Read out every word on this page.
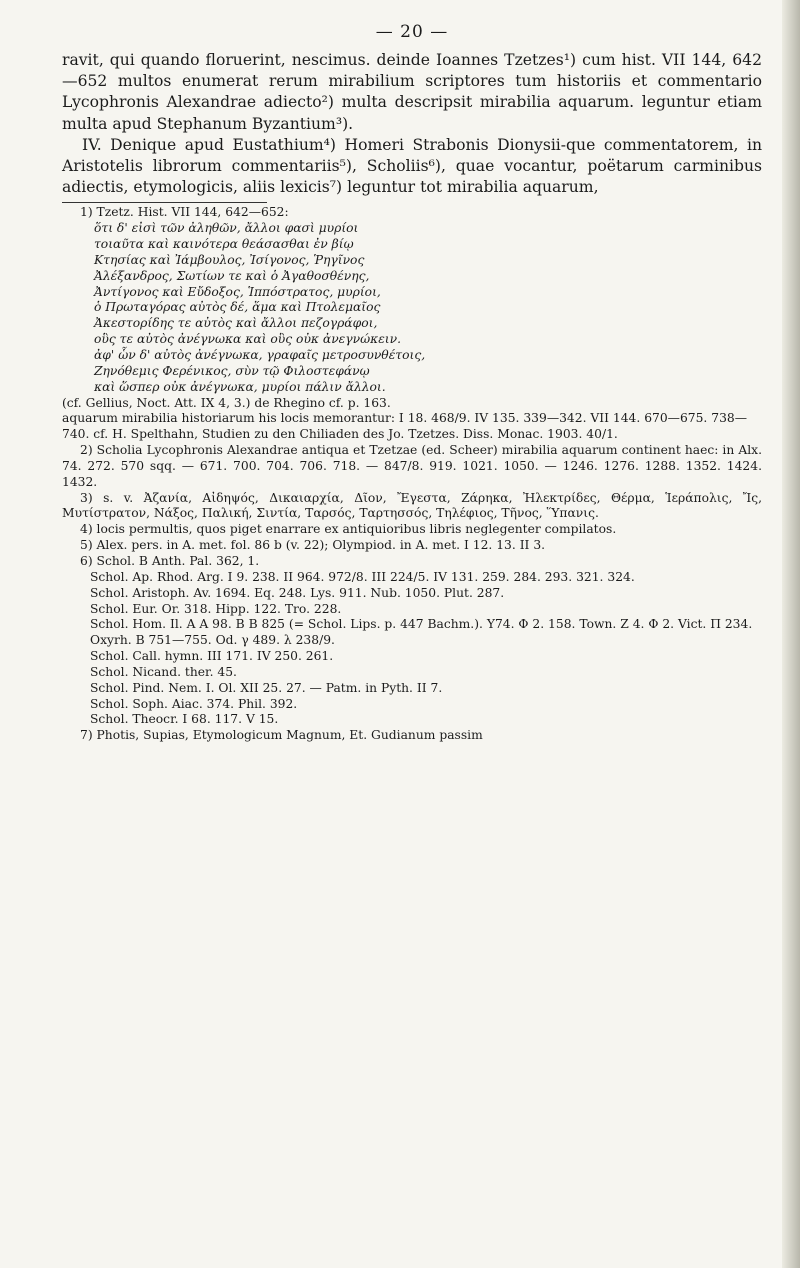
— 20 —

ravit, qui quando floruerint, nescimus. deinde Ioannes Tzetzes¹) cum hist. VII 144, 642—652 multos enumerat rerum mirabilium scriptores tum historiis et commentario Lycophronis Alexandrae adiecto²) multa descripsit mirabilia aquarum. leguntur etiam multa apud Stephanum Byzantium³).

IV. Denique apud Eustathium⁴) Homeri Strabonis Dionysii-que commentatorem, in Aristotelis librorum commentariis⁵), Scholiis⁶), quae vocantur, poëtarum carminibus adiectis, etymologicis, aliis lexicis⁷) leguntur tot mirabilia aquarum,

1) Tzetz. Hist. VII 144, 642—652:

ὅτι δ' εἰσὶ τῶν ἀληθῶν, ἄλλοι φασὶ μυρίοι

τοιαῦτα καὶ καινότερα θεάσασθαι ἐν βίῳ

Κτησίας καὶ Ἰάμβουλος, Ἰσίγονος, Ῥηγῖνος

Ἀλέξανδρος, Σωτίων τε καὶ ὁ Ἀγαθοσθένης,

Ἀντίγονος καὶ Εὔδοξος, Ἱππόστρατος, μυρίοι,

ὁ Πρωταγόρας αὐτὸς δέ, ἅμα καὶ Πτολεμαῖος

Ἀκεστορίδης τε αὐτὸς καὶ ἄλλοι πεζογράφοι,

οὓς τε αὐτὸς ἀνέγνωκα καὶ οὓς οὐκ ἀνεγνώκειν.

ἀφ' ὧν δ' αὐτὸς ἀνέγνωκα, γραφαῖς μετροσυνθέτοις,

Ζηνόθεμις Φερένικος, σὺν τῷ Φιλοστεφάνῳ

καὶ ὥσπερ οὐκ ἀνέγνωκα, μυρίοι πάλιν ἄλλοι.

(cf. Gellius, Noct. Att. IX 4, 3.) de Rhegino cf. p. 163.

aquarum mirabilia historiarum his locis memorantur: I 18. 468/9. IV 135. 339—342. VII 144. 670—675. 738—740. cf. H. Spelthahn, Studien zu den Chiliaden des Jo. Tzetzes. Diss. Monac. 1903. 40/1.

2) Scholia Lycophronis Alexandrae antiqua et Tzetzae (ed. Scheer) mirabilia aquarum continent haec: in Alx. 74. 272. 570 sqq. — 671. 700. 704. 706. 718. — 847/8. 919. 1021. 1050. — 1246. 1276. 1288. 1352. 1424. 1432.

3) s. v. Ἀζανία, Αἰδηψός, Δικαιαρχία, Δῖον, Ἔγεστα, Ζάρηκα, Ἠλεκτρίδες, Θέρμα, Ἱεράπολις, Ἴς, Μυτίστρατον, Νάξος, Παλική, Σιντία, Ταρσός, Ταρτησσός, Τηλέφιος, Τῆνος, Ὕπανις.

4) locis permultis, quos piget enarrare ex antiquioribus libris neglegenter compilatos.

5) Alex. pers. in A. met. fol. 86 b (v. 22); Olympiod. in A. met. I 12. 13. II 3.

6) Schol. B Anth. Pal. 362, 1.

Schol. Ap. Rhod. Arg. I 9. 238. II 964. 972/8. III 224/5. IV 131. 259. 284. 293. 321. 324.

Schol. Aristoph. Av. 1694. Eq. 248. Lys. 911. Nub. 1050. Plut. 287.

Schol. Eur. Or. 318. Hipp. 122. Tro. 228.

Schol. Hom. Il. A Α 98. B Β 825 (= Schol. Lips. p. 447 Bachm.). Υ74. Φ 2. 158. Town. Ζ 4. Φ 2. Vict. Π 234. Oxyrh. Β 751—755. Od. γ 489. λ 238/9.

Schol. Call. hymn. III 171. IV 250. 261.

Schol. Nicand. ther. 45.

Schol. Pind. Nem. I. Ol. XII 25. 27. — Patm. in Pyth. II 7.

Schol. Soph. Aiac. 374. Phil. 392.

Schol. Theocr. I 68. 117. V 15.

7) Photis, Supias, Etymologicum Magnum, Et. Gudianum passim
